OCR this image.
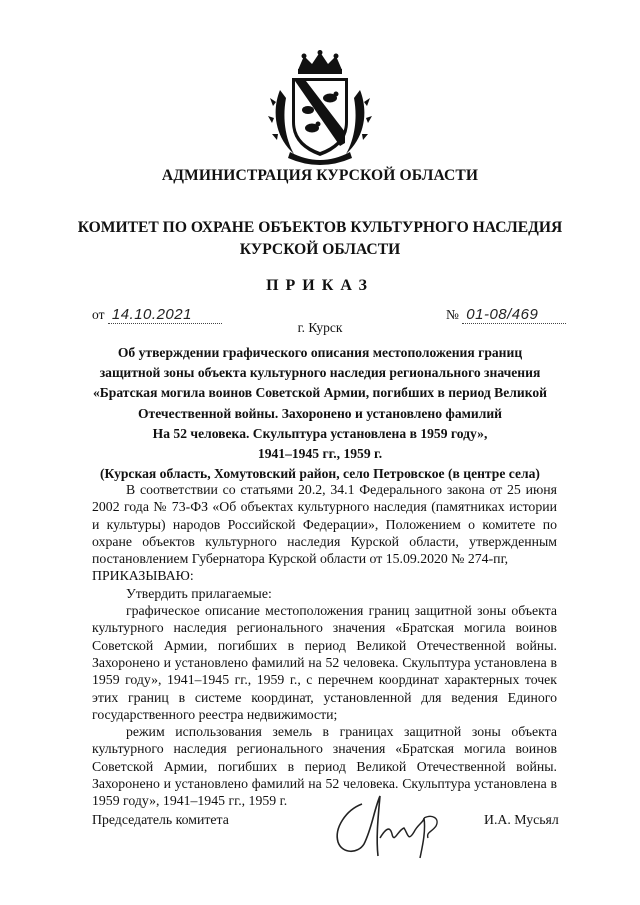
АДМИНИСТРАЦИЯ КУРСКОЙ ОБЛАСТИ
КОМИТЕТ ПО ОХРАНЕ ОБЪЕКТОВ КУЛЬТУРНОГО НАСЛЕДИЯ
КУРСКОЙ ОБЛАСТИ
ПРИКАЗ
от 14.10.2021	№ 01-08/469
г. Курск
Об утверждении графического описания местоположения границ
защитной зоны объекта культурного наследия регионального значения
«Братская могила воинов Советской Армии, погибших в период Великой
Отечественной войны. Захоронено и установлено фамилий
На 52 человека. Скульптура установлена в 1959 году»,
1941–1945 гг., 1959 г.
(Курская область, Хомутовский район, село Петровское (в центре села)

В соответствии со статьями 20.2, 34.1 Федерального закона от 25 июня 2002 года № 73-ФЗ «Об объектах культурного наследия (памятниках истории и культуры) народов Российской Федерации», Положением о комитете по охране объектов культурного наследия Курской области, утвержденным постановлением Губернатора Курской области от 15.09.2020 № 274-пг,

ПРИКАЗЫВАЮ:

Утвердить прилагаемые:

графическое описание местоположения границ защитной зоны объекта культурного наследия регионального значения «Братская могила воинов Советской Армии, погибших в период Великой Отечественной войны. Захоронено и установлено фамилий на 52 человека. Скульптура установлена в 1959 году», 1941–1945 гг., 1959 г., с перечнем координат характерных точек этих границ в системе координат, установленной для ведения Единого государственного реестра недвижимости;

режим использования земель в границах защитной зоны объекта культурного наследия регионального значения «Братская могила воинов Советской Армии, погибших в период Великой Отечественной войны. Захоронено и установлено фамилий на 52 человека. Скульптура установлена в 1959 году», 1941–1945 гг., 1959 г.

Председатель комитета	И.А. Мусьял
